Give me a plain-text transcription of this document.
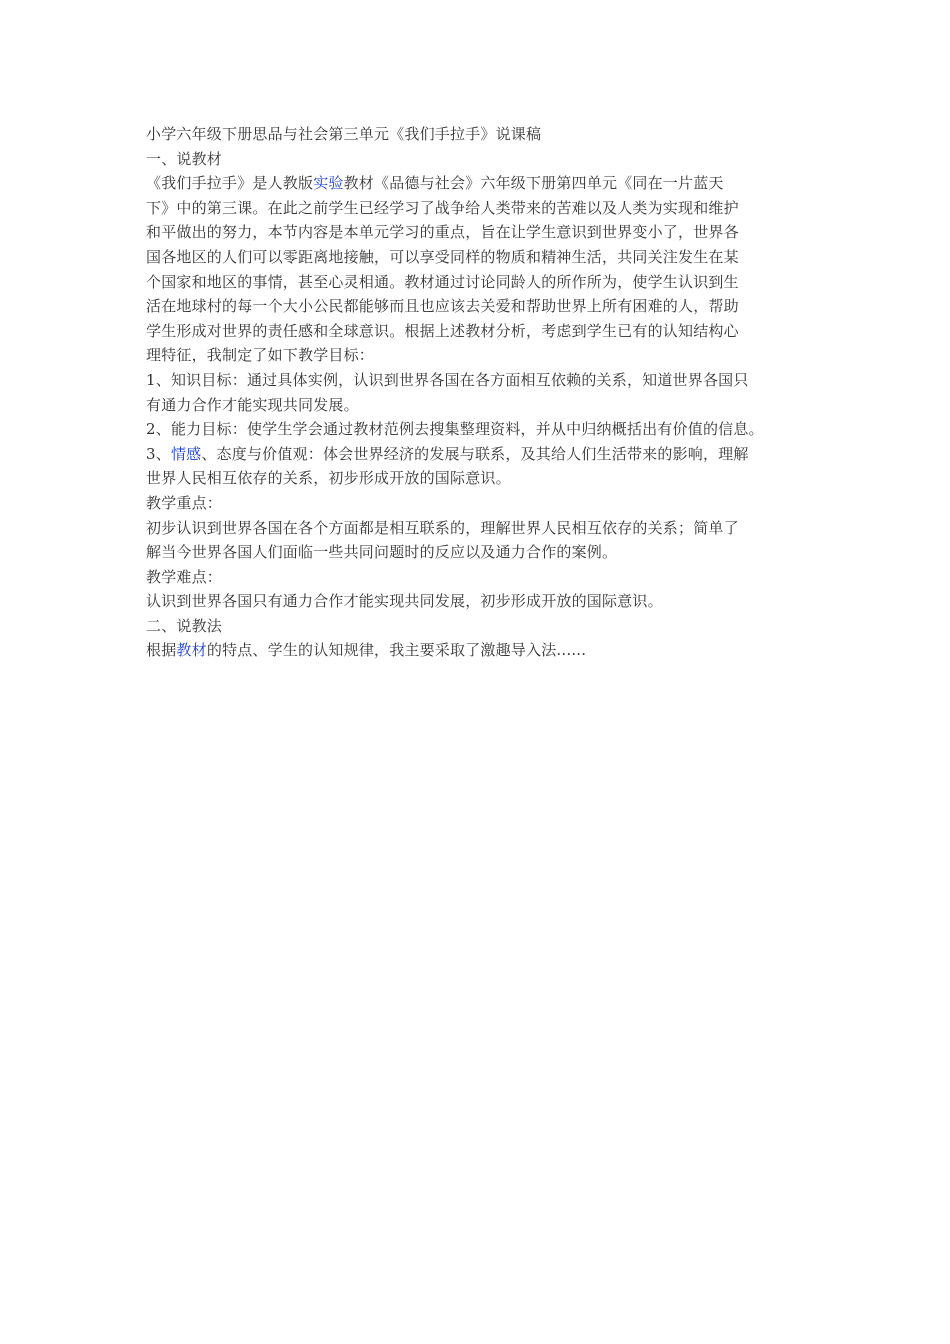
小学六年级下册思品与社会第三单元《我们手拉手》说课稿
一、说教材
《我们手拉手》是人教版实验教材《品德与社会》六年级下册第四单元《同在一片蓝天
下》中的第三课。在此之前学生已经学习了战争给人类带来的苦难以及人类为实现和维护
和平做出的努力，本节内容是本单元学习的重点，旨在让学生意识到世界变小了，世界各
国各地区的人们可以零距离地接触，可以享受同样的物质和精神生活，共同关注发生在某
个国家和地区的事情，甚至心灵相通。教材通过讨论同龄人的所作所为，使学生认识到生
活在地球村的每一个大小公民都能够而且也应该去关爱和帮助世界上所有困难的人，帮助
学生形成对世界的责任感和全球意识。根据上述教材分析，考虑到学生已有的认知结构心
理特征，我制定了如下教学目标：
1、知识目标：通过具体实例，认识到世界各国在各方面相互依赖的关系，知道世界各国只
有通力合作才能实现共同发展。
2、能力目标：使学生学会通过教材范例去搜集整理资料，并从中归纳概括出有价值的信息。
3、情感、态度与价值观：体会世界经济的发展与联系，及其给人们生活带来的影响，理解
世界人民相互依存的关系，初步形成开放的国际意识。
教学重点：
初步认识到世界各国在各个方面都是相互联系的，理解世界人民相互依存的关系；简单了
解当今世界各国人们面临一些共同问题时的反应以及通力合作的案例。
教学难点：
认识到世界各国只有通力合作才能实现共同发展，初步形成开放的国际意识。
二、说教法
根据教材的特点、学生的认知规律，我主要采取了激趣导入法......
